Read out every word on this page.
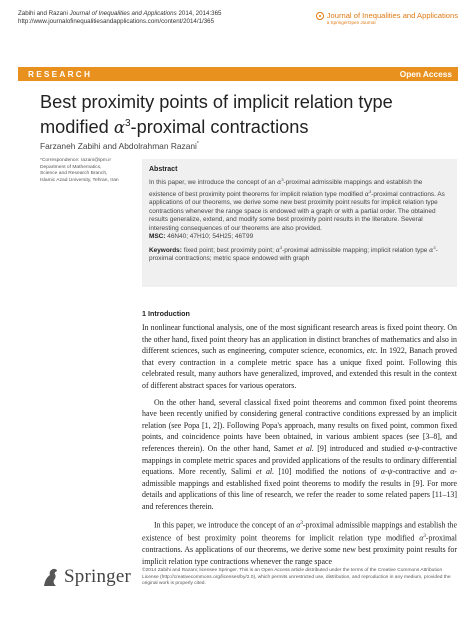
Zabihi and Razani Journal of Inequalities and Applications 2014, 2014:365
http://www.journalofinequalitiesandapplications.com/content/2014/1/365
Journal of Inequalities and Applications
a SpringerOpen Journal
RESEARCH	Open Access
Best proximity points of implicit relation type
modified $\alpha^3$-proximal contractions
Farzaneh Zabihi and Abdolrahman Razani*
*Correspondence: razani@ipm.ir
Department of Mathematics,
Science and Research Branch,
Islamic Azad University, Tehran, Iran
Abstract

In this paper, we introduce the concept of an $\alpha^3$-proximal admissible mappings and establish the existence of best proximity point theorems for implicit relation type modified $\alpha^3$-proximal contractions. As applications of our theorems, we derive some new best proximity point results for implicit relation type contractions whenever the range space is endowed with a graph or with a partial order. The obtained results generalize, extend, and modify some best proximity point results in the literature. Several interesting consequences of our theorems are also provided.

MSC: 46N40; 47H10; 54H25; 46T99
Keywords: fixed point; best proximity point; $\alpha^3$-proximal admissible mapping; implicit relation type $\alpha^3$-proximal contractions; metric space endowed with graph
1 Introduction

In nonlinear functional analysis, one of the most significant research areas is fixed point theory. On the other hand, fixed point theory has an application in distinct branches of mathematics and also in different sciences, such as engineering, computer science, economics, etc. In 1922, Banach proved that every contraction in a complete metric space has a unique fixed point. Following this celebrated result, many authors have generalized, improved, and extended this result in the context of different abstract spaces for various operators.

On the other hand, several classical fixed point theorems and common fixed point theorems have been recently unified by considering general contractive conditions expressed by an implicit relation (see Popa [1, 2]). Following Popa's approach, many results on fixed point, common fixed points, and coincidence points have been obtained, in various ambient spaces (see [3–8], and references therein). On the other hand, Samet et al. [9] introduced and studied α-ψ-contractive mappings in complete metric spaces and provided applications of the results to ordinary differential equations. More recently, Salimi et al. [10] modified the notions of α-ψ-contractive and α-admissible mappings and established fixed point theorems to modify the results in [9]. For more details and applications of this line of research, we refer the reader to some related papers [11–13] and references therein.

In this paper, we introduce the concept of an $\alpha^3$-proximal admissible mappings and establish the existence of best proximity point theorems for implicit relation type modified $\alpha^3$-proximal contractions. As applications of our theorems, we derive some new best proximity point results for implicit relation type contractions whenever the range space

Springer ©2014 Zabihi and Razani; licensee Springer. This is an Open Access article distributed under the terms of the Creative Commons Attribution License (http://creativecommons.org/licenses/by/2.0), which permits unrestricted use, distribution, and reproduction in any medium, provided the original work is properly cited.
